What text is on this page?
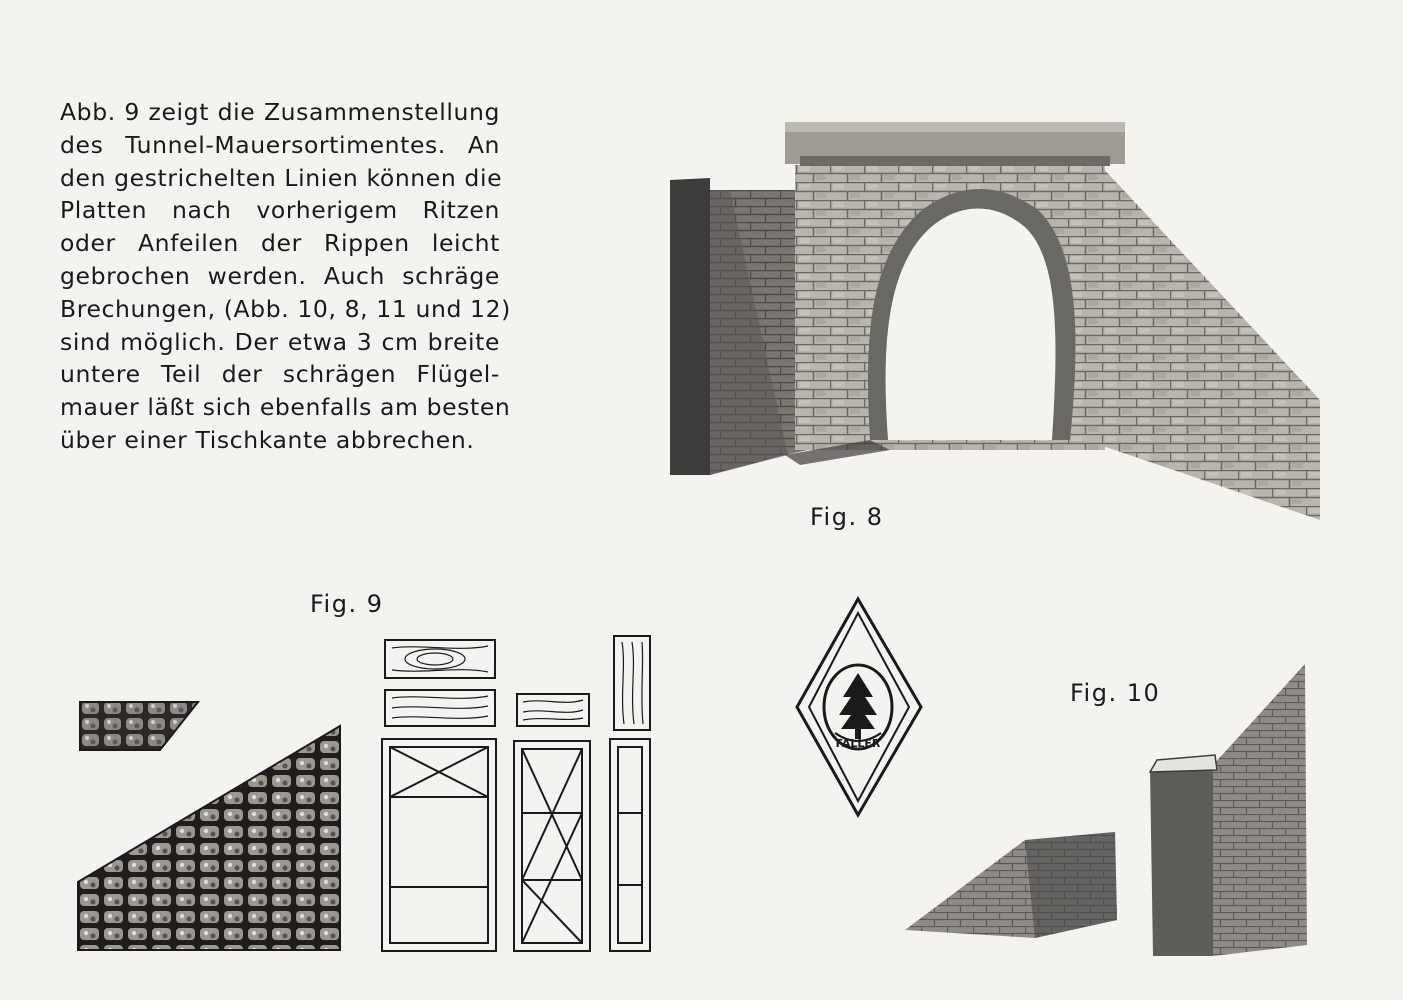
Abb. 9 zeigt die Zusammenstellung
des Tunnel-Mauersortimentes. An
den gestrichelten Linien können die
Platten nach vorherigem Ritzen
oder Anfeilen der Rippen leicht
gebrochen werden. Auch schräge
Brechungen, (Abb. 10, 8, 11 und 12)
sind möglich. Der etwa 3 cm breite
untere Teil der schrägen Flügel-
mauer läßt sich ebenfalls am besten
über einer Tischkante abbrechen.

Fig. 8
Fig. 9
FALLER
Fig. 10
